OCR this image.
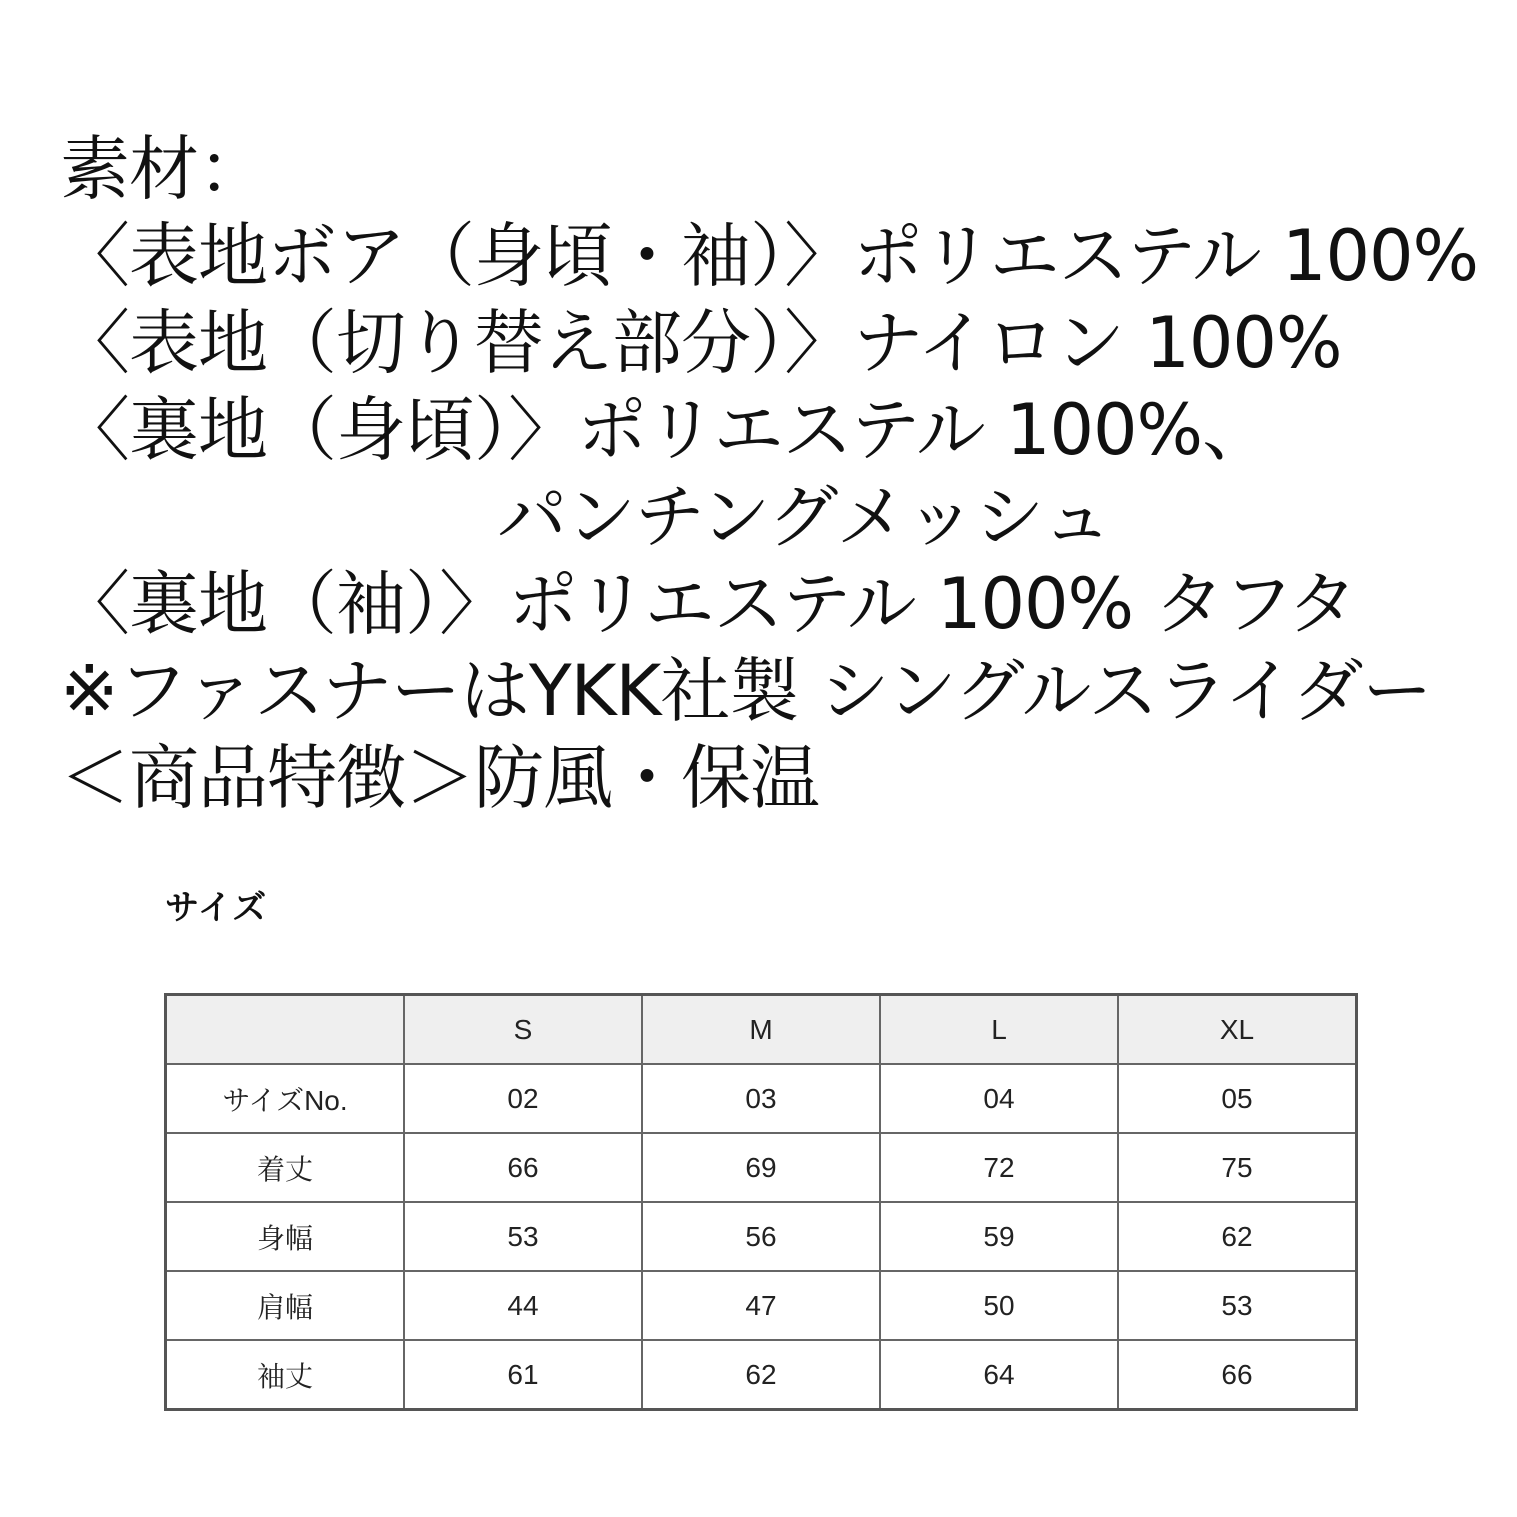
素材：
〈表地ボア（身頃・袖）〉ポリエステル 100%
〈表地（切り替え部分）〉ナイロン 100%
〈裏地（身頃）〉ポリエステル 100%、
パンチングメッシュ
〈裏地（袖）〉ポリエステル 100% タフタ
※ファスナーはYKK社製 シングルスライダー
＜商品特徴＞防風・保温
サイズ
	S	M	L	XL
サイズNo.	02	03	04	05
着丈	66	69	72	75
身幅	53	56	59	62
肩幅	44	47	50	53
袖丈	61	62	64	66
